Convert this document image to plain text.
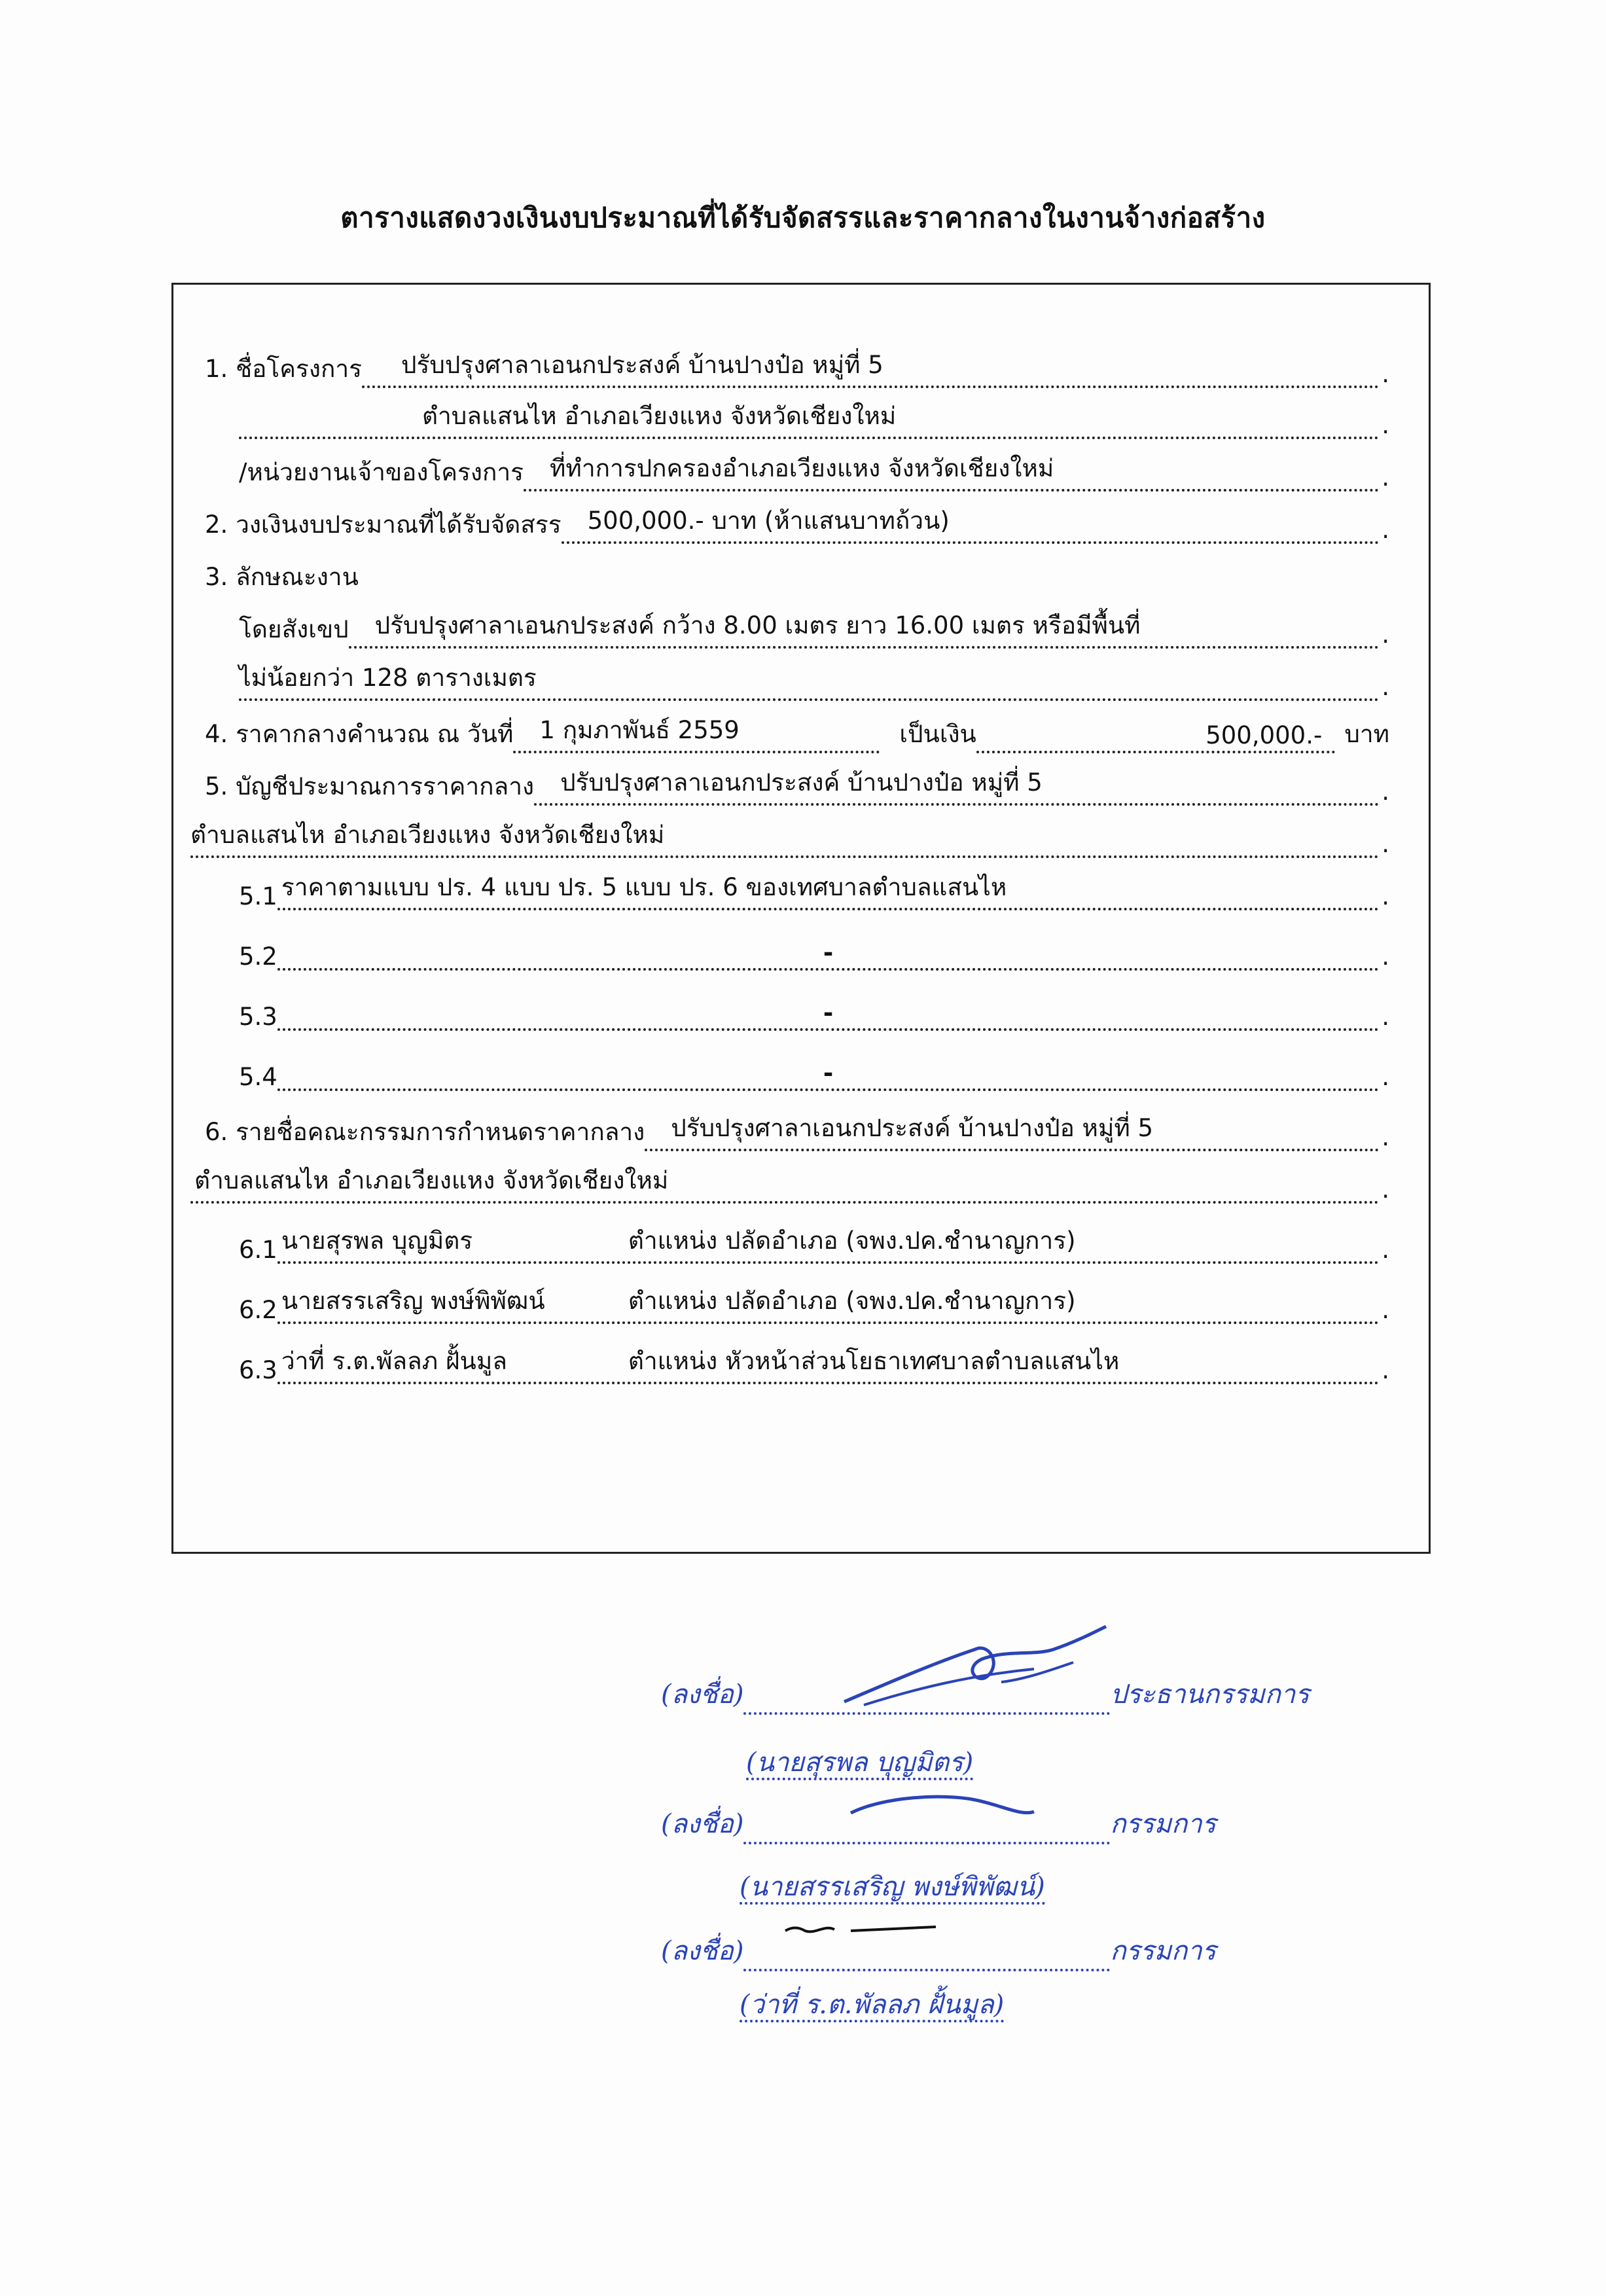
ตารางแสดงวงเงินงบประมาณที่ได้รับจัดสรรและราคากลางในงานจ้างก่อสร้าง
1. ชื่อโครงการ	ปรับปรุงศาลาเอนกประสงค์ บ้านปางป๋อ หมู่ที่ 5	.
ตำบลแสนไห อำเภอเวียงแหง จังหวัดเชียงใหม่	.
/หน่วยงานเจ้าของโครงการ	ที่ทำการปกครองอำเภอเวียงแหง จังหวัดเชียงใหม่	.
2. วงเงินงบประมาณที่ได้รับจัดสรร	500,000.- บาท (ห้าแสนบาทถ้วน)	.
3. ลักษณะงาน
โดยสังเขป	ปรับปรุงศาลาเอนกประสงค์ กว้าง 8.00 เมตร ยาว 16.00 เมตร หรือมีพื้นที่	.
ไม่น้อยกว่า 128 ตารางเมตร	.
4. ราคากลางคำนวณ ณ วันที่	1 กุมภาพันธ์ 2559	เป็นเงิน	500,000.- บาท
5. บัญชีประมาณการราคากลาง	ปรับปรุงศาลาเอนกประสงค์ บ้านปางป๋อ หมู่ที่ 5	.
ตำบลแสนไห อำเภอเวียงแหง จังหวัดเชียงใหม่	.
5.1 ราคาตามแบบ ปร. 4 แบบ ปร. 5 แบบ ปร. 6 ของเทศบาลตำบลแสนไห	.
5.2	-	.
5.3	-	.
5.4	-	.
6. รายชื่อคณะกรรมการกำหนดราคากลาง	ปรับปรุงศาลาเอนกประสงค์ บ้านปางป๋อ หมู่ที่ 5	.
ตำบลแสนไห อำเภอเวียงแหง จังหวัดเชียงใหม่	.
6.1 นายสุรพล บุญมิตร	ตำแหน่ง ปลัดอำเภอ (จพง.ปค.ชำนาญการ)	.
6.2 นายสรรเสริญ พงษ์พิพัฒน์	ตำแหน่ง ปลัดอำเภอ (จพง.ปค.ชำนาญการ)	.
6.3 ว่าที่ ร.ต.พัลลภ ฝั้นมูล	ตำแหน่ง หัวหน้าส่วนโยธาเทศบาลตำบลแสนไห	.
(ลงชื่อ)	ประธานกรรมการ
(นายสุรพล บุญมิตร)
(ลงชื่อ)	กรรมการ
(นายสรรเสริญ พงษ์พิพัฒน์)
(ลงชื่อ)	กรรมการ
(ว่าที่ ร.ต.พัลลภ ฝั้นมูล)
